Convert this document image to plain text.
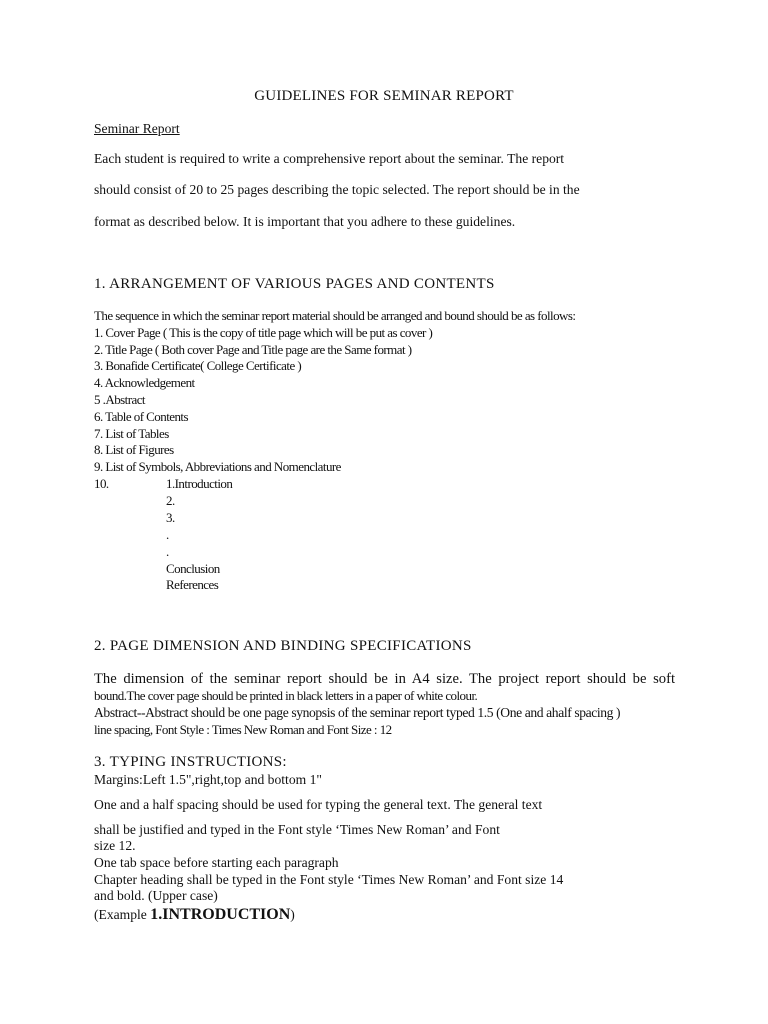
GUIDELINES FOR SEMINAR REPORT
Seminar Report
Each student is required to write a comprehensive report about the seminar. The report
should consist of 20 to 25 pages describing the topic selected. The report should be in the
format as described below. It is important that you adhere to these guidelines.
1. ARRANGEMENT OF VARIOUS PAGES AND CONTENTS
The sequence in which the seminar report material should be arranged and bound should be as follows:
1. Cover Page ( This is the copy of title page which will be put as cover )
2. Title Page ( Both cover Page and Title page are the Same format )
3. Bonafide Certificate( College Certificate )
4. Acknowledgement
5 .Abstract
6. Table of Contents
7. List of Tables
8. List of Figures
9. List of Symbols, Abbreviations and Nomenclature
10.	1.Introduction
2.
3.
.
.
Conclusion
References
2. PAGE DIMENSION AND BINDING SPECIFICATIONS
The dimension of the seminar report should be in A4 size. The project report should be soft
bound.The cover page should be printed in black letters in a paper of white colour.
Abstract--Abstract should be one page synopsis of the seminar report typed 1.5 (One and ahalf spacing )
line spacing, Font Style : Times New Roman and Font Size : 12
3. TYPING INSTRUCTIONS:
Margins:Left 1.5",right,top and bottom 1"
One and a half spacing should be used for typing the general text. The general text
shall be justified and typed in the Font style ‘Times New Roman’ and Font
size 12.
One tab space before starting each paragraph
Chapter heading shall be typed in the Font style ‘Times New Roman’ and Font size 14
and bold. (Upper case)
(Example 1.INTRODUCTION)
